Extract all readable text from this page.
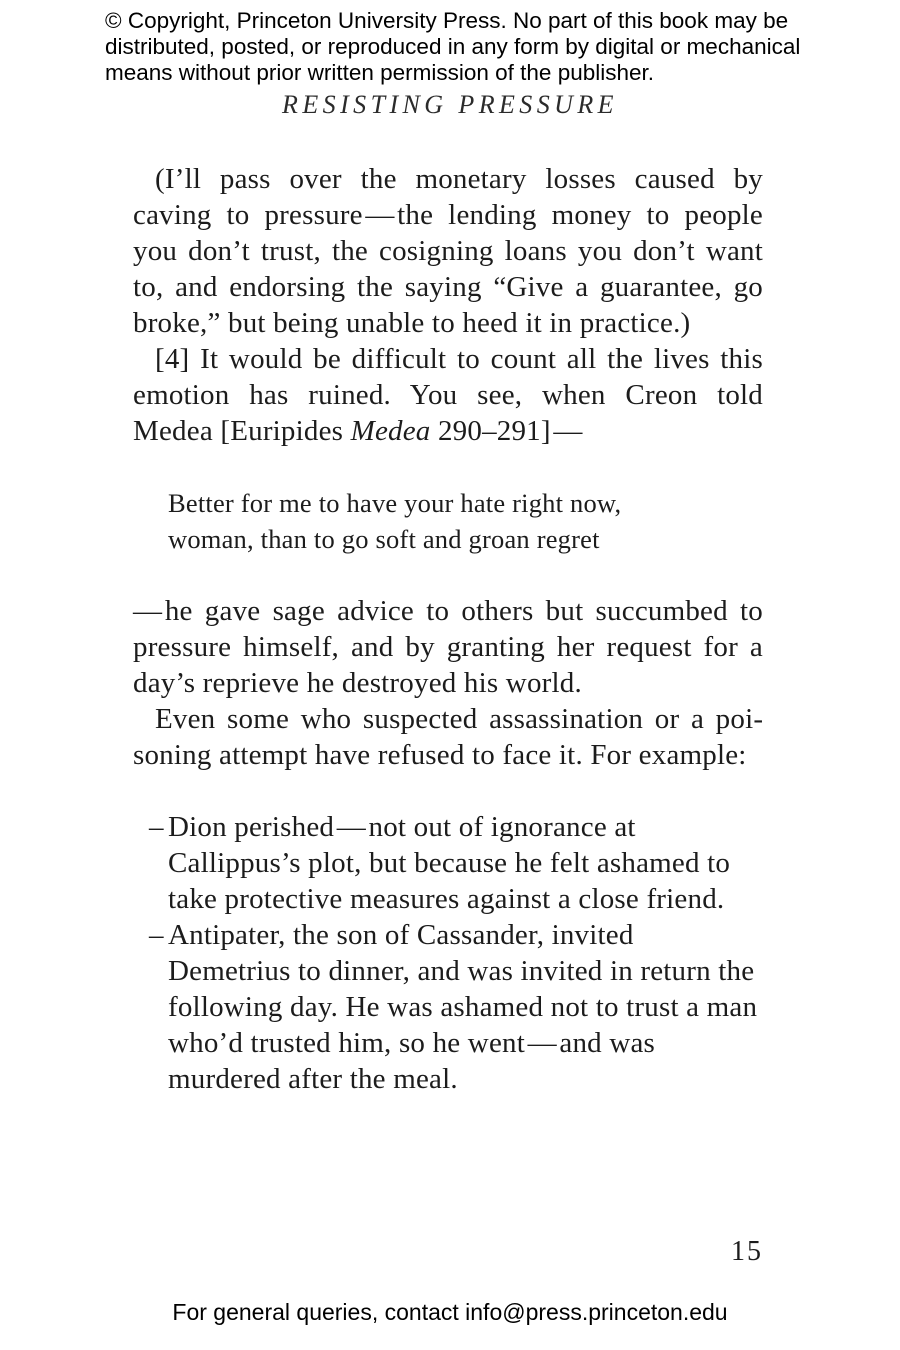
© Copyright, Princeton University Press. No part of this book may be
distributed, posted, or reproduced in any form by digital or mechanical
means without prior written permission of the publisher.
RESISTING PRESSURE

(I’ll pass over the monetary losses caused by caving to pressure — the lending money to people you don’t trust, the cosigning loans you don’t want to, and endorsing the saying “Give a guarantee, go broke,” but being unable to heed it in practice.)

[4] It would be difficult to count all the lives this emotion has ruined. You see, when Creon told Medea [Euripides Medea 290–291] —

Better for me to have your hate right now,
woman, than to go soft and groan regret

— he gave sage advice to others but succumbed to pressure himself, and by granting her request for a day’s reprieve he destroyed his world.

Even some who suspected assassination or a poisoning attempt have refused to face it. For example:

– Dion perished — not out of ignorance at Callippus’s plot, but because he felt ashamed to take protective measures against a close friend.
– Antipater, the son of Cassander, invited Demetrius to dinner, and was invited in return the following day. He was ashamed not to trust a man who’d trusted him, so he went — and was murdered after the meal.
15
For general queries, contact info@press.princeton.edu
